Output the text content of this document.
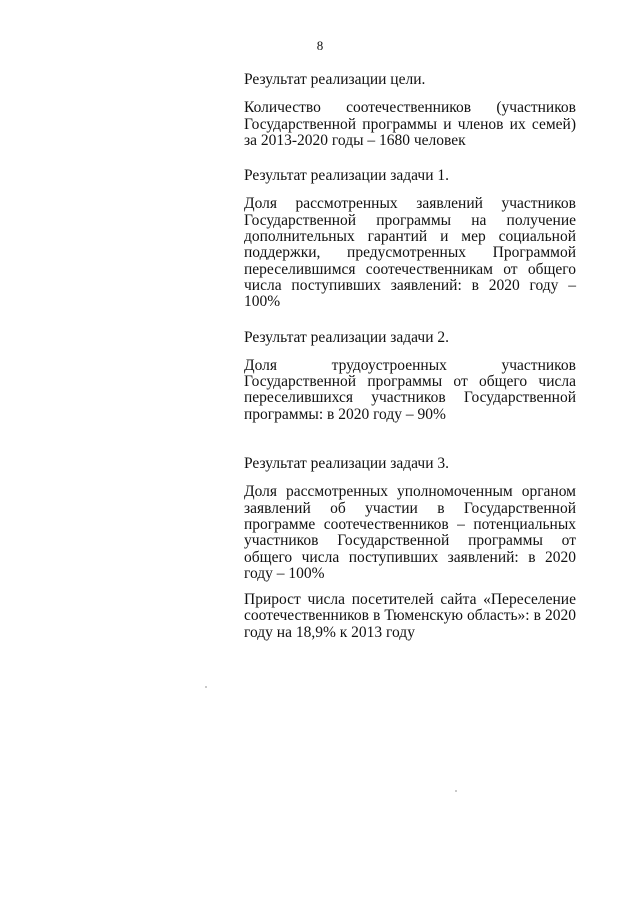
8

Результат реализации цели.

Количество соотечественников (участников Государственной программы и членов их семей) за 2013-2020 годы – 1680 человек

Результат реализации задачи 1.

Доля рассмотренных заявлений участников Государственной программы на получение дополнительных гарантий и мер социальной поддержки, предусмотренных Программой переселившимся соотечественникам от общего числа поступивших заявлений: в 2020 году – 100%

Результат реализации задачи 2.

Доля трудоустроенных участников Государственной программы от общего числа переселившихся участников Государственной программы: в 2020 году – 90%

Результат реализации задачи 3.

Доля рассмотренных уполномоченным органом заявлений об участии в Государственной программе соотечественников – потенциальных участников Государственной программы от общего числа поступивших заявлений: в 2020 году – 100%

Прирост числа посетителей сайта «Переселение соотечественников в Тюменскую область»: в 2020 году на 18,9% к 2013 году
